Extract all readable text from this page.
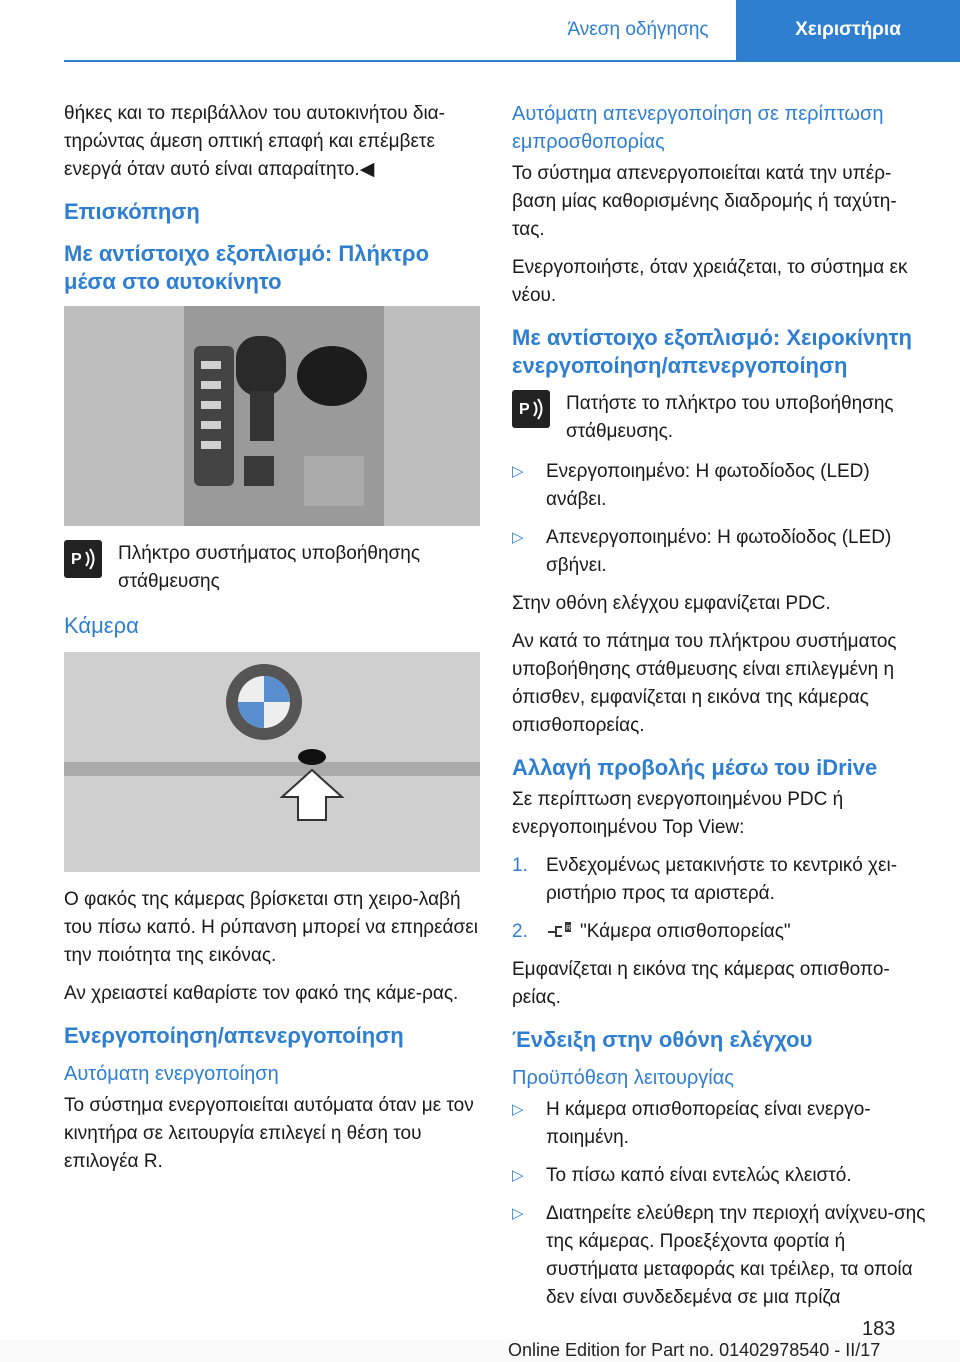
Άνεση οδήγησης	Χειριστήρια

θήκες και το περιβάλλον του αυτοκινήτου δια‐τηρώντας άμεση οπτική επαφή και επέμβετε ενεργά όταν αυτό είναι απαραίτητο.◀

Επισκόπηση
Με αντίστοιχο εξοπλισμό: Πλήκτρο μέσα στο αυτοκίνητο
P Πλήκτρο συστήματος υποβοήθησης στάθμευσης

Κάμερα

Ο φακός της κάμερας βρίσκεται στη χειρο‐λαβή του πίσω καπό. Η ρύπανση μπορεί να επηρεάσει την ποιότητα της εικόνας.

Αν χρειαστεί καθαρίστε τον φακό της κάμε‐ρας.

Ενεργοποίηση/απενεργοποίηση
Αυτόματη ενεργοποίηση

Το σύστημα ενεργοποιείται αυτόματα όταν με τον κινητήρα σε λειτουργία επιλεγεί η θέση του επιλογέα R.

Αυτόματη απενεργοποίηση σε περίπτωση εμπροσθοπορίας

Το σύστημα απενεργοποιείται κατά την υπέρ‐βαση μίας καθορισμένης διαδρομής ή ταχύτη‐τας.

Ενεργοποιήστε, όταν χρειάζεται, το σύστημα εκ νέου.

Με αντίστοιχο εξοπλισμό: Χειροκίνητη ενεργοποίηση/απενεργοποίηση
P Πατήστε το πλήκτρο του υποβοήθησης στάθμευσης.

▷ Ενεργοποιημένο: Η φωτοδίοδος (LED) ανάβει.
▷ Απενεργοποιημένο: Η φωτοδίοδος (LED) σβήνει.

Στην οθόνη ελέγχου εμφανίζεται PDC.

Αν κατά το πάτημα του πλήκτρου συστήματος υποβοήθησης στάθμευσης είναι επιλεγμένη η όπισθεν, εμφανίζεται η εικόνα της κάμερας οπισθοπορείας.

Αλλαγή προβολής μέσω του iDrive

Σε περίπτωση ενεργοποιημένου PDC ή ενεργοποιημένου Top View:

1. Ενδεχομένως μετακινήστε το κεντρικό χει‐ριστήριο προς τα αριστερά.
2.	R "Κάμερα οπισθοπορείας"

Εμφανίζεται η εικόνα της κάμερας οπισθοπο‐ρείας.

Ένδειξη στην οθόνη ελέγχου
Προϋπόθεση λειτουργίας
▷ Η κάμερα οπισθοπορείας είναι ενεργο‐ποιημένη.
▷ Το πίσω καπό είναι εντελώς κλειστό.
▷ Διατηρείτε ελεύθερη την περιοχή ανίχνευ‐σης της κάμερας. Προεξέχοντα φορτία ή συστήματα μεταφοράς και τρέιλερ, τα οποία δεν είναι συνδεδεμένα σε μια πρίζα
183
Online Edition for Part no. 01402978540 - II/17
